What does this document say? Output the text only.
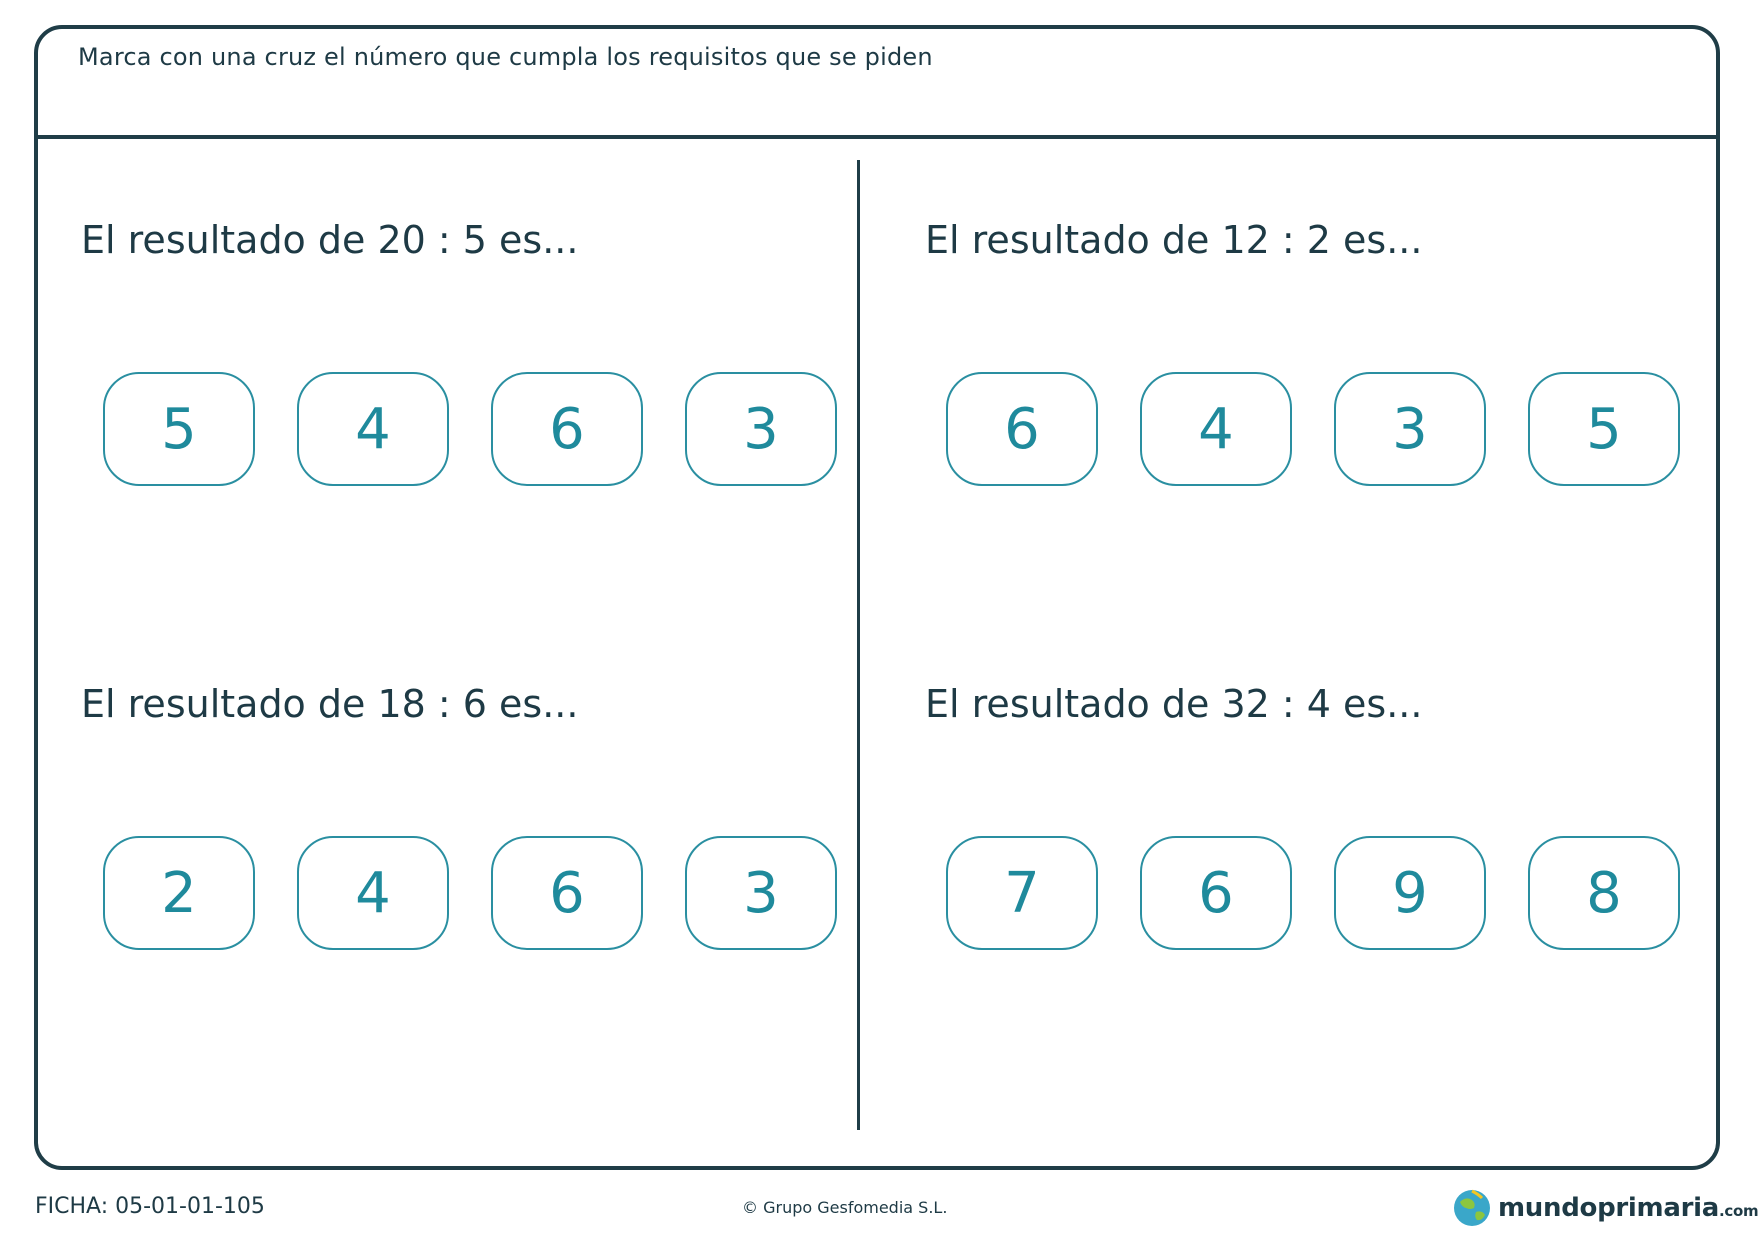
Marca con una cruz el número que cumpla los requisitos que se piden
El resultado de 20 : 5 es...
5	4	6	3
El resultado de 12 : 2 es...
6	4	3	5
El resultado de 18 : 6 es...
2	4	6	3
El resultado de 32 : 4 es...
7	6	9	8
FICHA: 05-01-01-105	© Grupo Gesfomedia S.L.	mundoprimaria.com
